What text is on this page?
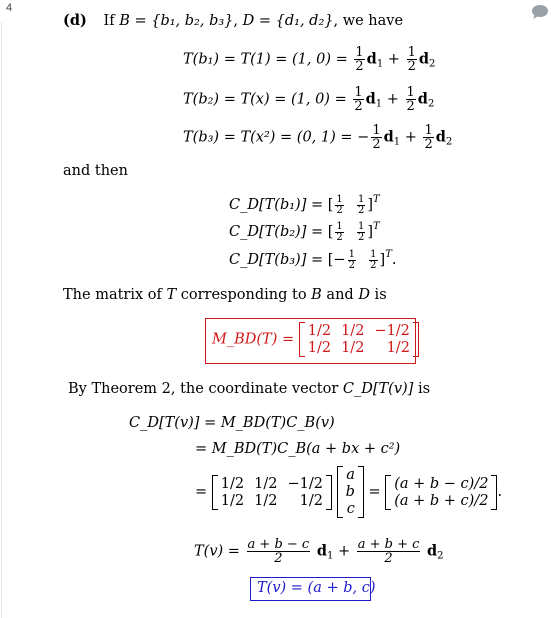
4
(d) If B = {b₁, b₂, b₃}, D = {d₁, d₂}, we have
T(b₁) = T(1) = (1, $0) = \frac{1}{2} d_1 + \frac{1}{2} d_2$
T(b₂) = T(x) = (1, $0) = \frac{1}{2} d_1 + \frac{1}{2} d_2$
T(b₃) = T(x²) = (0, 1) = − $\frac{1}{2} d_1 + \frac{1}{2} d_2$
and then
C_D[T(b₁)] = [ $\frac{1}{2}$
$\frac{1}{2} ]^T$
C_D[T(b₂)] = [ $\frac{1}{2}$
$\frac{1}{2} ]^T$
C_D[T(b₃)] = [− $\frac{1}{2}$
$\frac{1}{2} ]^T$.
The matrix of T corresponding to B and D is
M_BD(T) =
1/2 1/2 −1/2
1/2 1/2	1/2
By Theorem 2, the coordinate vector C_D[T(v)] is
C_D[T(v)] = M_BD(T)C_B(v)
= M_BD(T)C_B(a + bx + c²)
=
1/2 1/2 −1/2
1/2 1/2	1/2

a
b
c
=
(a + b − c)/2
(a + b + c)/2
.
$T(v) = \frac{a + b - c}{2} d_1 + \frac{a + b + c}{2} d_2$
T(v) = (a + b, c)
